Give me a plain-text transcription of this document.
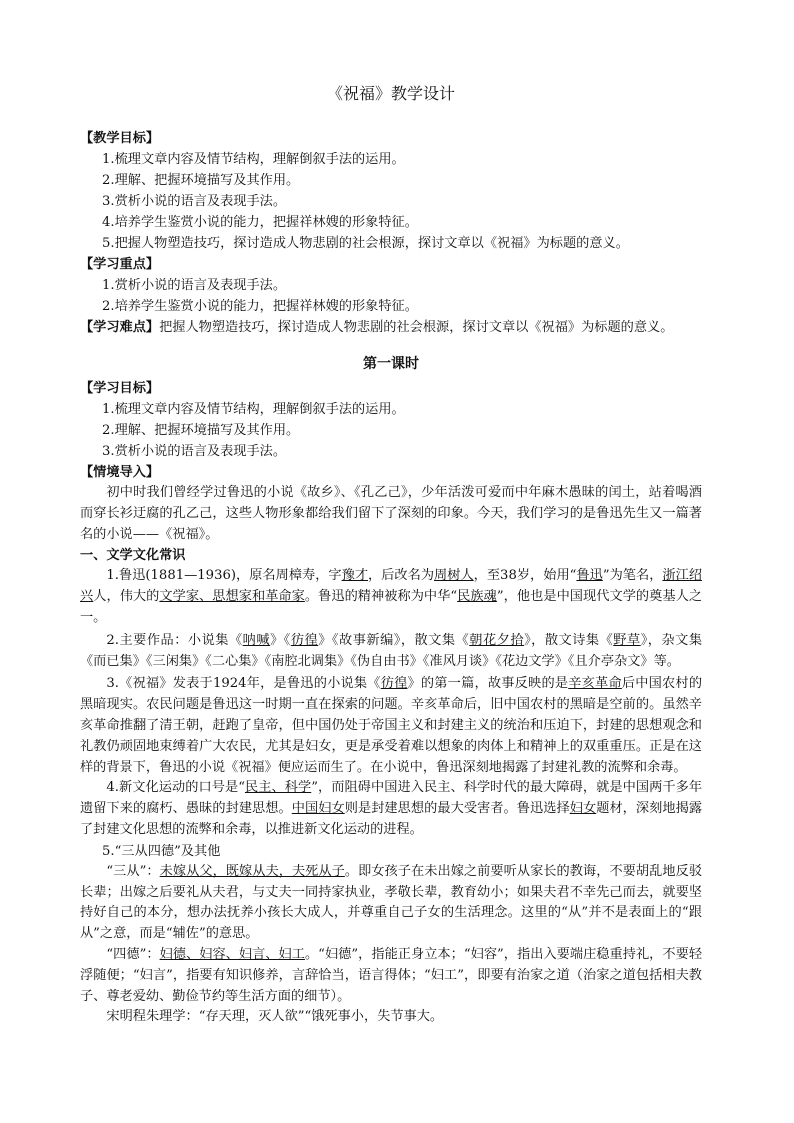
《祝福》教学设计
【教学目标】
1.梳理文章内容及情节结构，理解倒叙手法的运用。
2.理解、把握环境描写及其作用。
3.赏析小说的语言及表现手法。
4.培养学生鉴赏小说的能力，把握祥林嫂的形象特征。
5.把握人物塑造技巧，探讨造成人物悲剧的社会根源，探讨文章以《祝福》为标题的意义。
【学习重点】
1.赏析小说的语言及表现手法。
2.培养学生鉴赏小说的能力，把握祥林嫂的形象特征。
【学习难点】把握人物塑造技巧，探讨造成人物悲剧的社会根源，探讨文章以《祝福》为标题的意义。
第一课时
【学习目标】
1.梳理文章内容及情节结构，理解倒叙手法的运用。
2.理解、把握环境描写及其作用。
3.赏析小说的语言及表现手法。
【情境导入】

初中时我们曾经学过鲁迅的小说《故乡》、《孔乙己》，少年活泼可爱而中年麻木愚昧的闰土，站着喝酒而穿长衫迂腐的孔乙己，这些人物形象都给我们留下了深刻的印象。今天，我们学习的是鲁迅先生又一篇著名的小说——《祝福》。

一、文学文化常识

1.鲁迅(1881—1936)，原名周樟寿，字豫才，后改名为周树人，至38岁，始用“鲁迅”为笔名，浙江绍兴人，伟大的文学家、思想家和革命家。鲁迅的精神被称为中华“民族魂”，他也是中国现代文学的奠基人之一。

2.主要作品：小说集《呐喊》《彷徨》《故事新编》，散文集《朝花夕拾》，散文诗集《野草》，杂文集《而已集》《三闲集》《二心集》《南腔北调集》《伪自由书》《准风月谈》《花边文学》《且介亭杂文》等。

3.《祝福》发表于1924年，是鲁迅的小说集《彷徨》的第一篇，故事反映的是辛亥革命后中国农村的黑暗现实。农民问题是鲁迅这一时期一直在探索的问题。辛亥革命后，旧中国农村的黑暗是空前的。虽然辛亥革命推翻了清王朝，赶跑了皇帝，但中国仍处于帝国主义和封建主义的统治和压迫下，封建的思想观念和礼教仍顽固地束缚着广大农民，尤其是妇女，更是承受着难以想象的肉体上和精神上的双重重压。正是在这样的背景下，鲁迅的小说《祝福》便应运而生了。在小说中，鲁迅深刻地揭露了封建礼教的流弊和余毒。

4.新文化运动的口号是“民主、科学”，而阻碍中国进入民主、科学时代的最大障碍，就是中国两千多年遗留下来的腐朽、愚昧的封建思想。中国妇女则是封建思想的最大受害者。鲁迅选择妇女题材，深刻地揭露了封建文化思想的流弊和余毒，以推进新文化运动的进程。

5.“三从四德”及其他

“三从”：未嫁从父，既嫁从夫，夫死从子。即女孩子在未出嫁之前要听从家长的教诲，不要胡乱地反驳长辈；出嫁之后要礼从夫君，与丈夫一同持家执业，孝敬长辈，教育幼小；如果夫君不幸先己而去，就要坚持好自己的本分，想办法抚养小孩长大成人，并尊重自己子女的生活理念。这里的“从”并不是表面上的“跟从”之意，而是“辅佐”的意思。

“四德”：妇德、妇容、妇言、妇工。“妇德”，指能正身立本；“妇容”，指出入要端庄稳重持礼，不要轻浮随便；“妇言”，指要有知识修养，言辞恰当，语言得体；“妇工”，即要有治家之道（治家之道包括相夫教子、尊老爱幼、勤俭节约等生活方面的细节）。

宋明程朱理学：“存天理，灭人欲”“饿死事小，失节事大。
